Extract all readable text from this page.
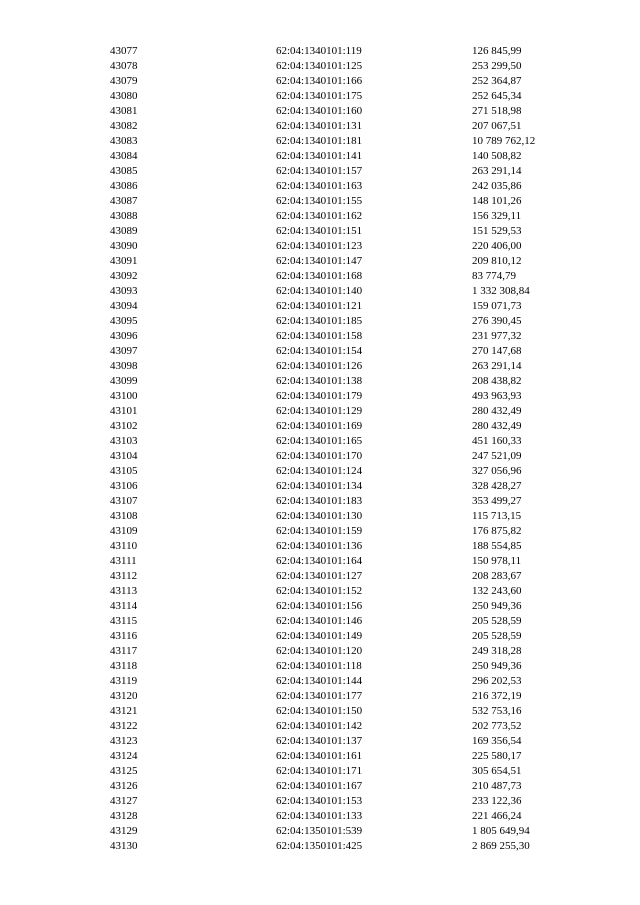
43077	62:04:1340101:119	126 845,99
43078	62:04:1340101:125	253 299,50
43079	62:04:1340101:166	252 364,87
43080	62:04:1340101:175	252 645,34
43081	62:04:1340101:160	271 518,98
43082	62:04:1340101:131	207 067,51
43083	62:04:1340101:181	10 789 762,12
43084	62:04:1340101:141	140 508,82
43085	62:04:1340101:157	263 291,14
43086	62:04:1340101:163	242 035,86
43087	62:04:1340101:155	148 101,26
43088	62:04:1340101:162	156 329,11
43089	62:04:1340101:151	151 529,53
43090	62:04:1340101:123	220 406,00
43091	62:04:1340101:147	209 810,12
43092	62:04:1340101:168	83 774,79
43093	62:04:1340101:140	1 332 308,84
43094	62:04:1340101:121	159 071,73
43095	62:04:1340101:185	276 390,45
43096	62:04:1340101:158	231 977,32
43097	62:04:1340101:154	270 147,68
43098	62:04:1340101:126	263 291,14
43099	62:04:1340101:138	208 438,82
43100	62:04:1340101:179	493 963,93
43101	62:04:1340101:129	280 432,49
43102	62:04:1340101:169	280 432,49
43103	62:04:1340101:165	451 160,33
43104	62:04:1340101:170	247 521,09
43105	62:04:1340101:124	327 056,96
43106	62:04:1340101:134	328 428,27
43107	62:04:1340101:183	353 499,27
43108	62:04:1340101:130	115 713,15
43109	62:04:1340101:159	176 875,82
43110	62:04:1340101:136	188 554,85
43111	62:04:1340101:164	150 978,11
43112	62:04:1340101:127	208 283,67
43113	62:04:1340101:152	132 243,60
43114	62:04:1340101:156	250 949,36
43115	62:04:1340101:146	205 528,59
43116	62:04:1340101:149	205 528,59
43117	62:04:1340101:120	249 318,28
43118	62:04:1340101:118	250 949,36
43119	62:04:1340101:144	296 202,53
43120	62:04:1340101:177	216 372,19
43121	62:04:1340101:150	532 753,16
43122	62:04:1340101:142	202 773,52
43123	62:04:1340101:137	169 356,54
43124	62:04:1340101:161	225 580,17
43125	62:04:1340101:171	305 654,51
43126	62:04:1340101:167	210 487,73
43127	62:04:1340101:153	233 122,36
43128	62:04:1340101:133	221 466,24
43129	62:04:1350101:539	1 805 649,94
43130	62:04:1350101:425	2 869 255,30
